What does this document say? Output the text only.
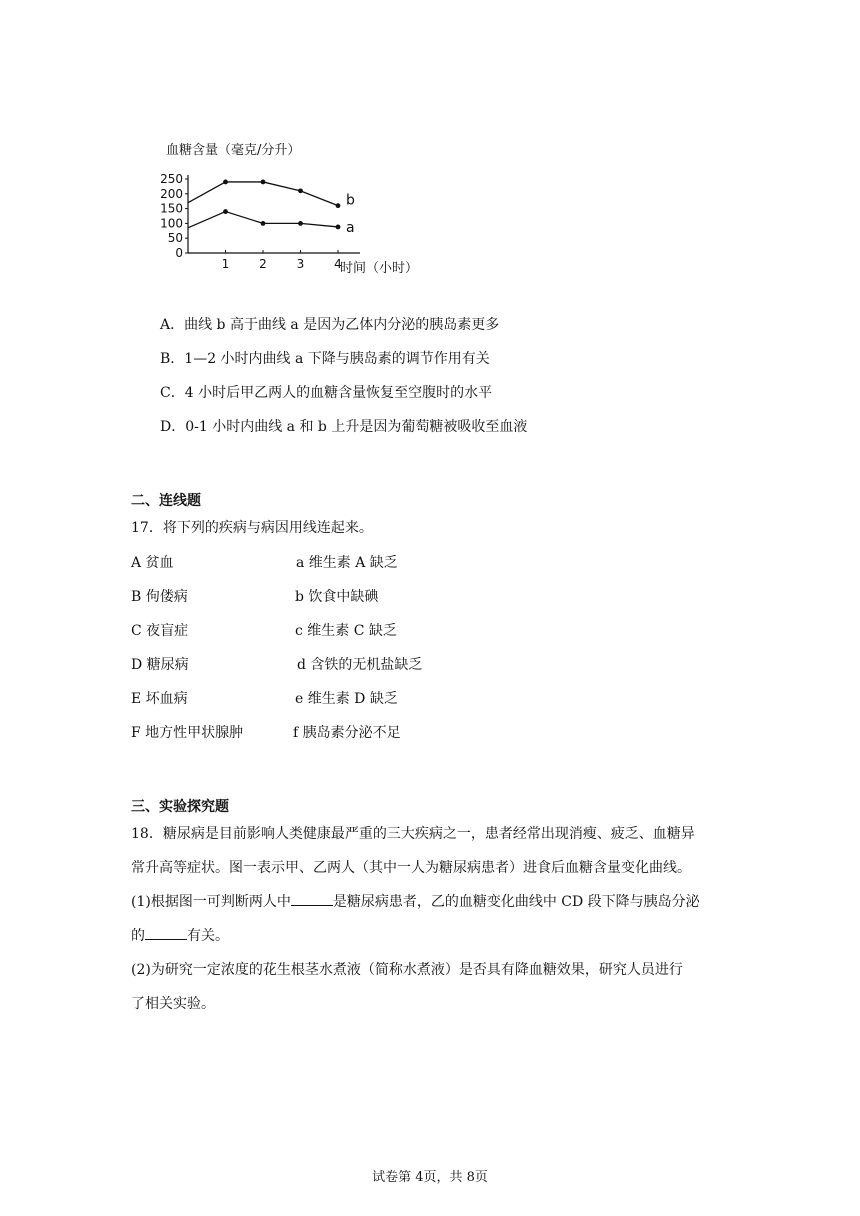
血糖含量（毫克/分升）
时间（小时）
0
50
100
150
200
250
1 2 3 4
b
a
A．曲线 b 高于曲线 a 是因为乙体内分泌的胰岛素更多
B．1—2 小时内曲线 a 下降与胰岛素的调节作用有关
C．4 小时后甲乙两人的血糖含量恢复至空腹时的水平
D．0-1 小时内曲线 a 和 b 上升是因为葡萄糖被吸收至血液
二、连线题
17．将下列的疾病与病因用线连起来。
A 贫血	a 维生素 A 缺乏
B 佝偻病	b 饮食中缺碘
C 夜盲症	c 维生素 C 缺乏
D 糖尿病	d 含铁的无机盐缺乏
E 坏血病	e 维生素 D 缺乏
F 地方性甲状腺肿	f 胰岛素分泌不足
三、实验探究题
18．糖尿病是目前影响人类健康最严重的三大疾病之一，患者经常出现消瘦、疲乏、血糖异
常升高等症状。图一表示甲、乙两人（其中一人为糖尿病患者）进食后血糖含量变化曲线。
(1)根据图一可判断两人中	是糖尿病患者，乙的血糖变化曲线中 CD 段下降与胰岛分泌
的	有关。
(2)为研究一定浓度的花生根茎水煮液（简称水煮液）是否具有降血糖效果，研究人员进行
了相关实验。
试卷第 4页，共 8页
